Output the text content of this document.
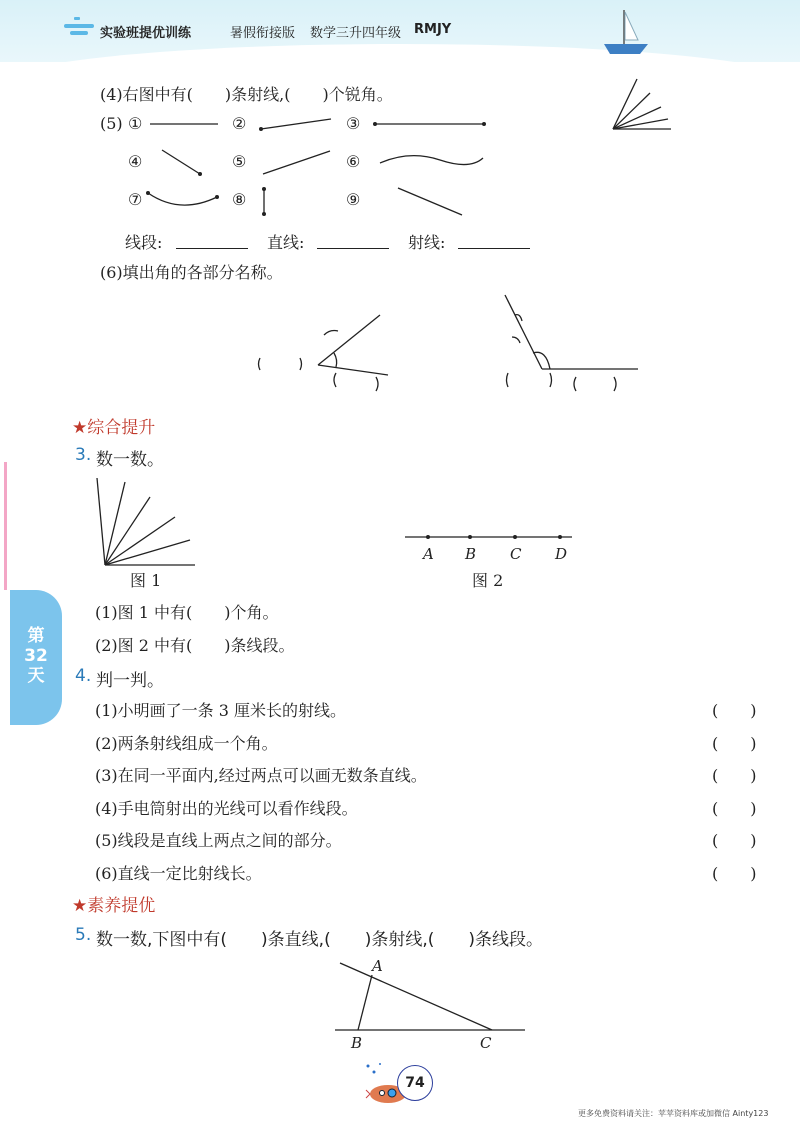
实验班提优训练	暑假衔接版 数学三升四年级 RMJY
(4)右图中有(　　)条射线,(　　)个锐角。
(5) ①	②	③
④	⑤	⑥
⑦	⑧	⑨
线段:	直线:	射线:
(6)填出角的各部分名称。
★综合提升
3. 数一数。
A B C D
图 1	图 2
(1)图 1 中有(　　)个角。
(2)图 2 中有(　　)条线段。
4. 判一判。
(1)小明画了一条 3 厘米长的射线。	(　　)
(2)两条射线组成一个角。	(　　)
(3)在同一平面内,经过两点可以画无数条直线。	(　　)
(4)手电筒射出的光线可以看作线段。	(　　)
(5)线段是直线上两点之间的部分。	(　　)
(6)直线一定比射线长。	(　　)
★素养提优
5. 数一数,下图中有(　　)条直线,(　　)条射线,(　　)条线段。
A
B	C
第
32
天
74
更多免费资料请关注：苹苹资料库或加微信 Ainty123
